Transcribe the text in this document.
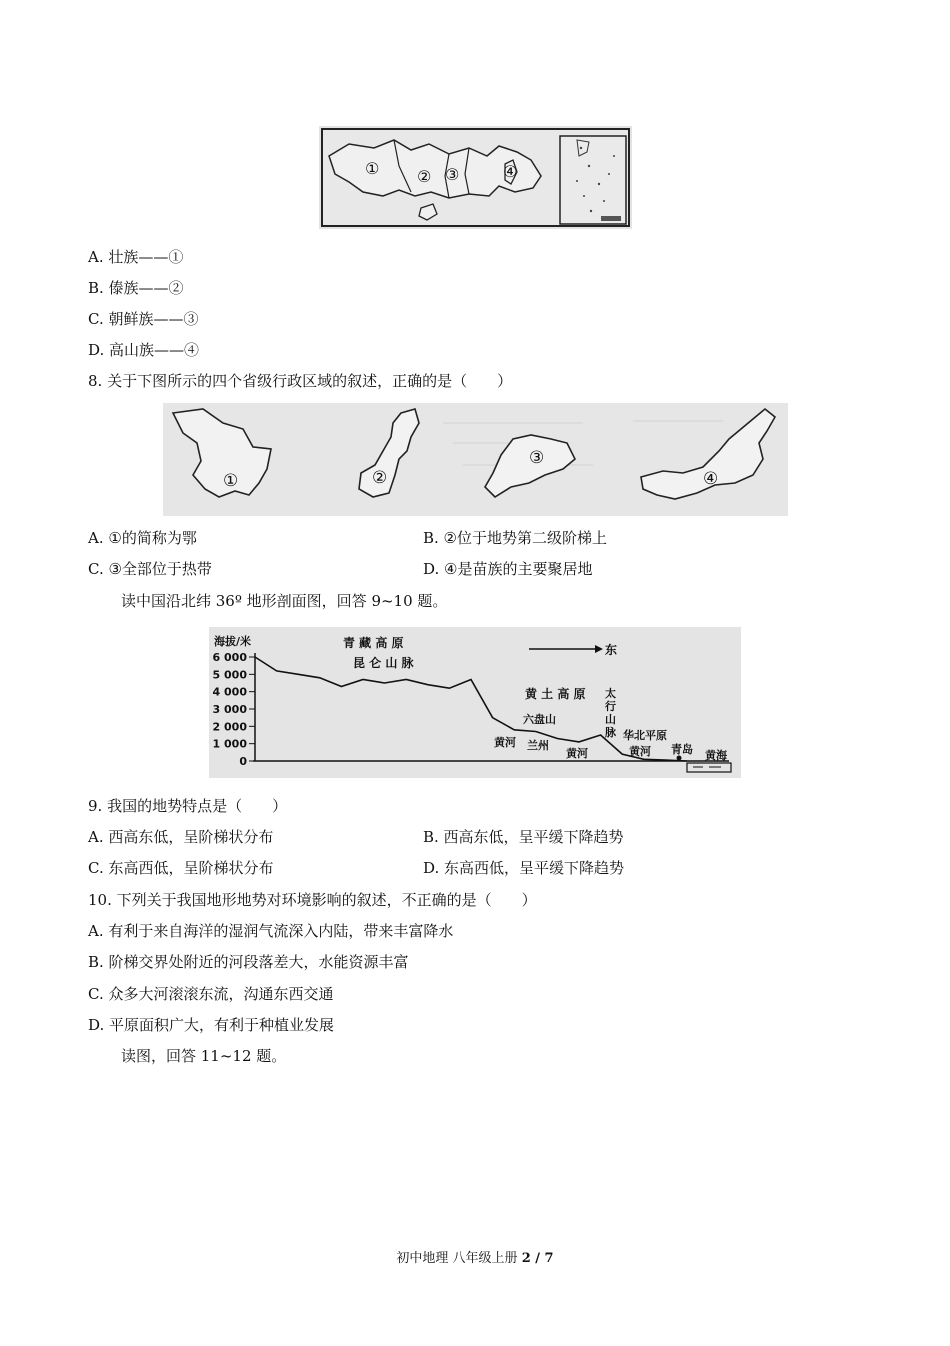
① ② ③	④
A. 壮族——①
B. 傣族——②
C. 朝鲜族——③
D. 高山族——④
8. 关于下图所示的四个省级行政区域的叙述，正确的是（　　）
①	②
③
④
A. ①的简称为鄂	B. ②位于地势第二级阶梯上
C. ③全部位于热带	D. ④是苗族的主要聚居地
读中国沿北纬 36º 地形剖面图，回答 9~10 题。
海拔/米
6 000
5 000
4 000
3 000
2 000
1 000
0
东
青 藏 高 原
昆 仑 山 脉
黄 土 高 原 太
行
山
脉
六盘山
黄河 兰州
黄河
华北平原
黄河 青岛 黄海
9. 我国的地势特点是（　　）
A. 西高东低，呈阶梯状分布	B. 西高东低，呈平缓下降趋势
C. 东高西低，呈阶梯状分布	D. 东高西低，呈平缓下降趋势
10. 下列关于我国地形地势对环境影响的叙述，不正确的是（　　）
A. 有利于来自海洋的湿润气流深入内陆，带来丰富降水
B. 阶梯交界处附近的河段落差大，水能资源丰富
C. 众多大河滚滚东流，沟通东西交通
D. 平原面积广大，有利于种植业发展
读图，回答 11~12 题。
初中地理 八年级上册 2 / 7
